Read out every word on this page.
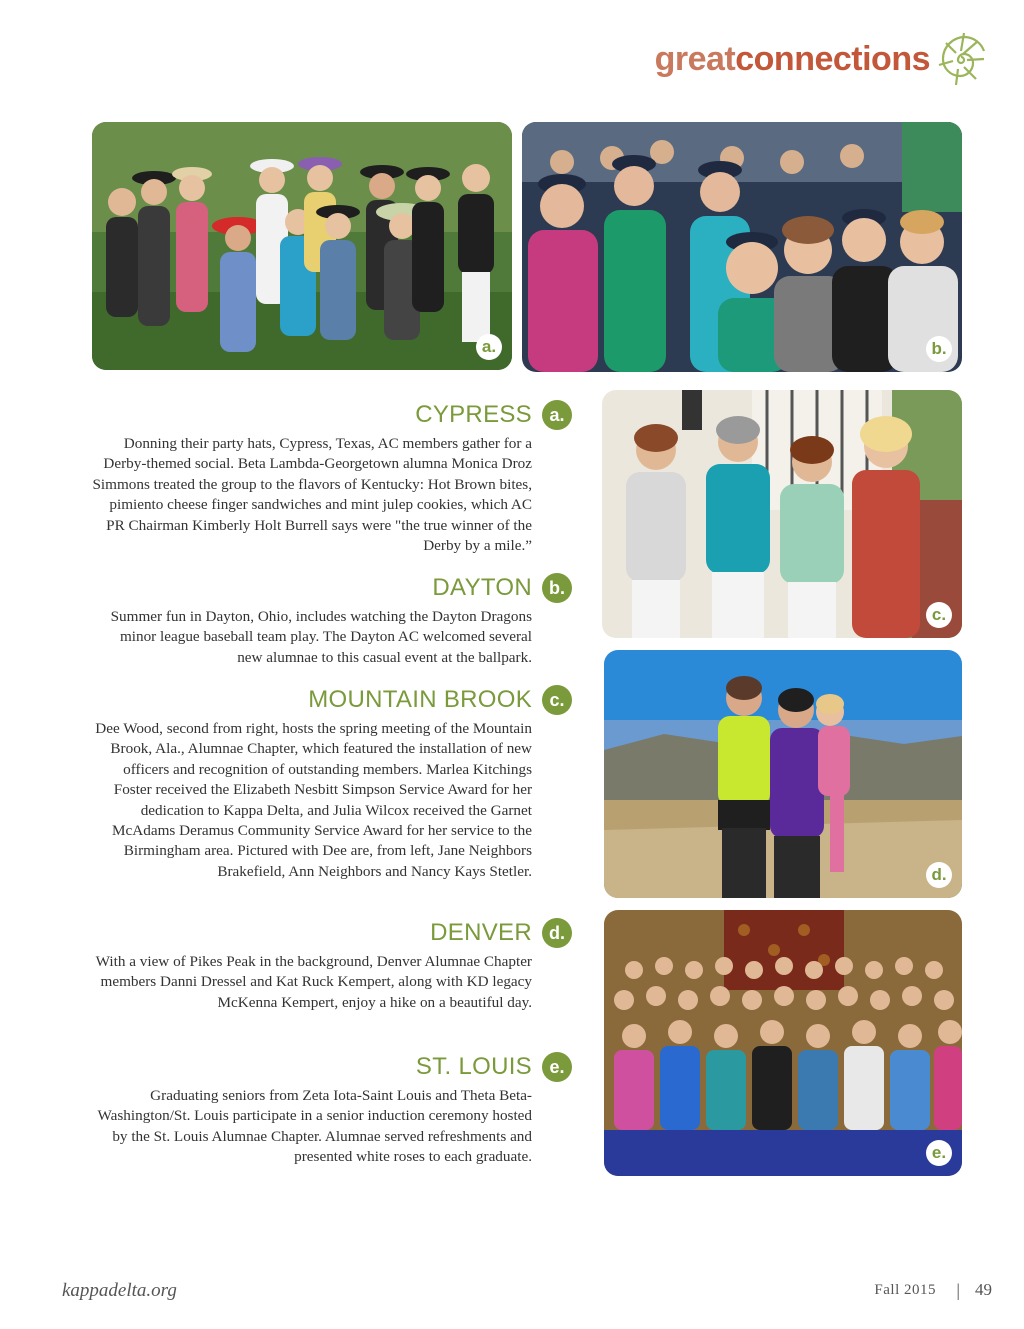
greatconnections
a.	b.
c.
d.
e.
CYPRESS a.
Donning their party hats, Cypress, Texas, AC members gather for a Derby-themed social. Beta Lambda-Georgetown alumna Monica Droz Simmons treated the group to the flavors of Kentucky: Hot Brown bites, pimiento cheese finger sandwiches and mint julep cookies, which AC PR Chairman Kimberly Holt Burrell says were "the true winner of the Derby by a mile.”
DAYTON b.
Summer fun in Dayton, Ohio, includes watching the Dayton Dragons minor league baseball team play. The Dayton AC welcomed several new alumnae to this casual event at the ballpark.
MOUNTAIN BROOK c.
Dee Wood, second from right, hosts the spring meeting of the Mountain Brook, Ala., Alumnae Chapter, which featured the installation of new officers and recognition of outstanding members. Marlea Kitchings Foster received the Elizabeth Nesbitt Simpson Service Award for her dedication to Kappa Delta, and Julia Wilcox received the Garnet McAdams Deramus Community Service Award for her service to the Birmingham area. Pictured with Dee are, from left, Jane Neighbors Brakefield, Ann Neighbors and Nancy Kays Stetler.
DENVER d.
With a view of Pikes Peak in the background, Denver Alumnae Chapter members Danni Dressel and Kat Ruck Kempert, along with KD legacy McKenna Kempert, enjoy a hike on a beautiful day.
ST. LOUIS e.
Graduating seniors from Zeta Iota-Saint Louis and Theta Beta-Washington/St. Louis participate in a senior induction ceremony hosted by the St. Louis Alumnae Chapter. Alumnae served refreshments and presented white roses to each graduate.
kappadelta.org	Fall 2015 | 49
